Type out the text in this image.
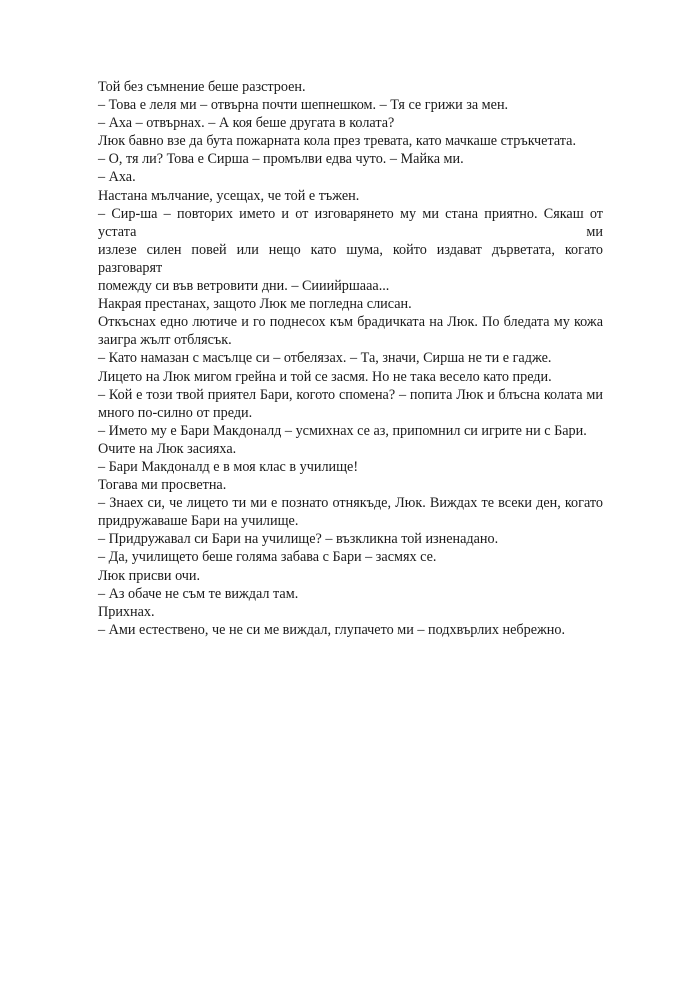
Той без съмнение беше разстроен.
– Това е леля ми – отвърна почти шепнешком. – Тя се грижи за мен.
– Аха – отвърнах. – А коя беше другата в колата?
Люк бавно взе да бута пожарната кола през тревата, като мачкаше стръкчетата.
– О, тя ли? Това е Сирша – промълви едва чуто. – Майка ми.
– Аха.
Настана мълчание, усещах, че той е тъжен.
– Сир-ша – повторих името и от изговарянето му ми стана приятно. Сякаш от устата ми
излезе силен повей или нещо като шума, който издават дърветата, когато разговарят
помежду си във ветровити дни. – Сииийршааа...
Накрая престанах, защото Люк ме погледна слисан.
Откъснах едно лютиче и го поднесох към брадичката на Люк. По бледата му кожа
заигра жълт отблясък.
– Като намазан с масълце си – отбелязах. – Та, значи, Сирша не ти е гадже.
Лицето на Люк мигом грейна и той се засмя. Но не така весело като преди.
– Кой е този твой приятел Бари, когото спомена? – попита Люк и блъсна колата ми
много по-силно от преди.
– Името му е Бари Макдоналд – усмихнах се аз, припомнил си игрите ни с Бари.
Очите на Люк засияха.
– Бари Макдоналд е в моя клас в училище!
Тогава ми просветна.
– Знаех си, че лицето ти ми е познато отнякъде, Люк. Виждах те всеки ден, когато
придружаваше Бари на училище.
– Придружавал си Бари на училище? – възкликна той изненадано.
– Да, училището беше голяма забава с Бари – засмях се.
Люк присви очи.
– Аз обаче не съм те виждал там.
Прихнах.
– Ами естествено, че не си ме виждал, глупачето ми – подхвърлих небрежно.
